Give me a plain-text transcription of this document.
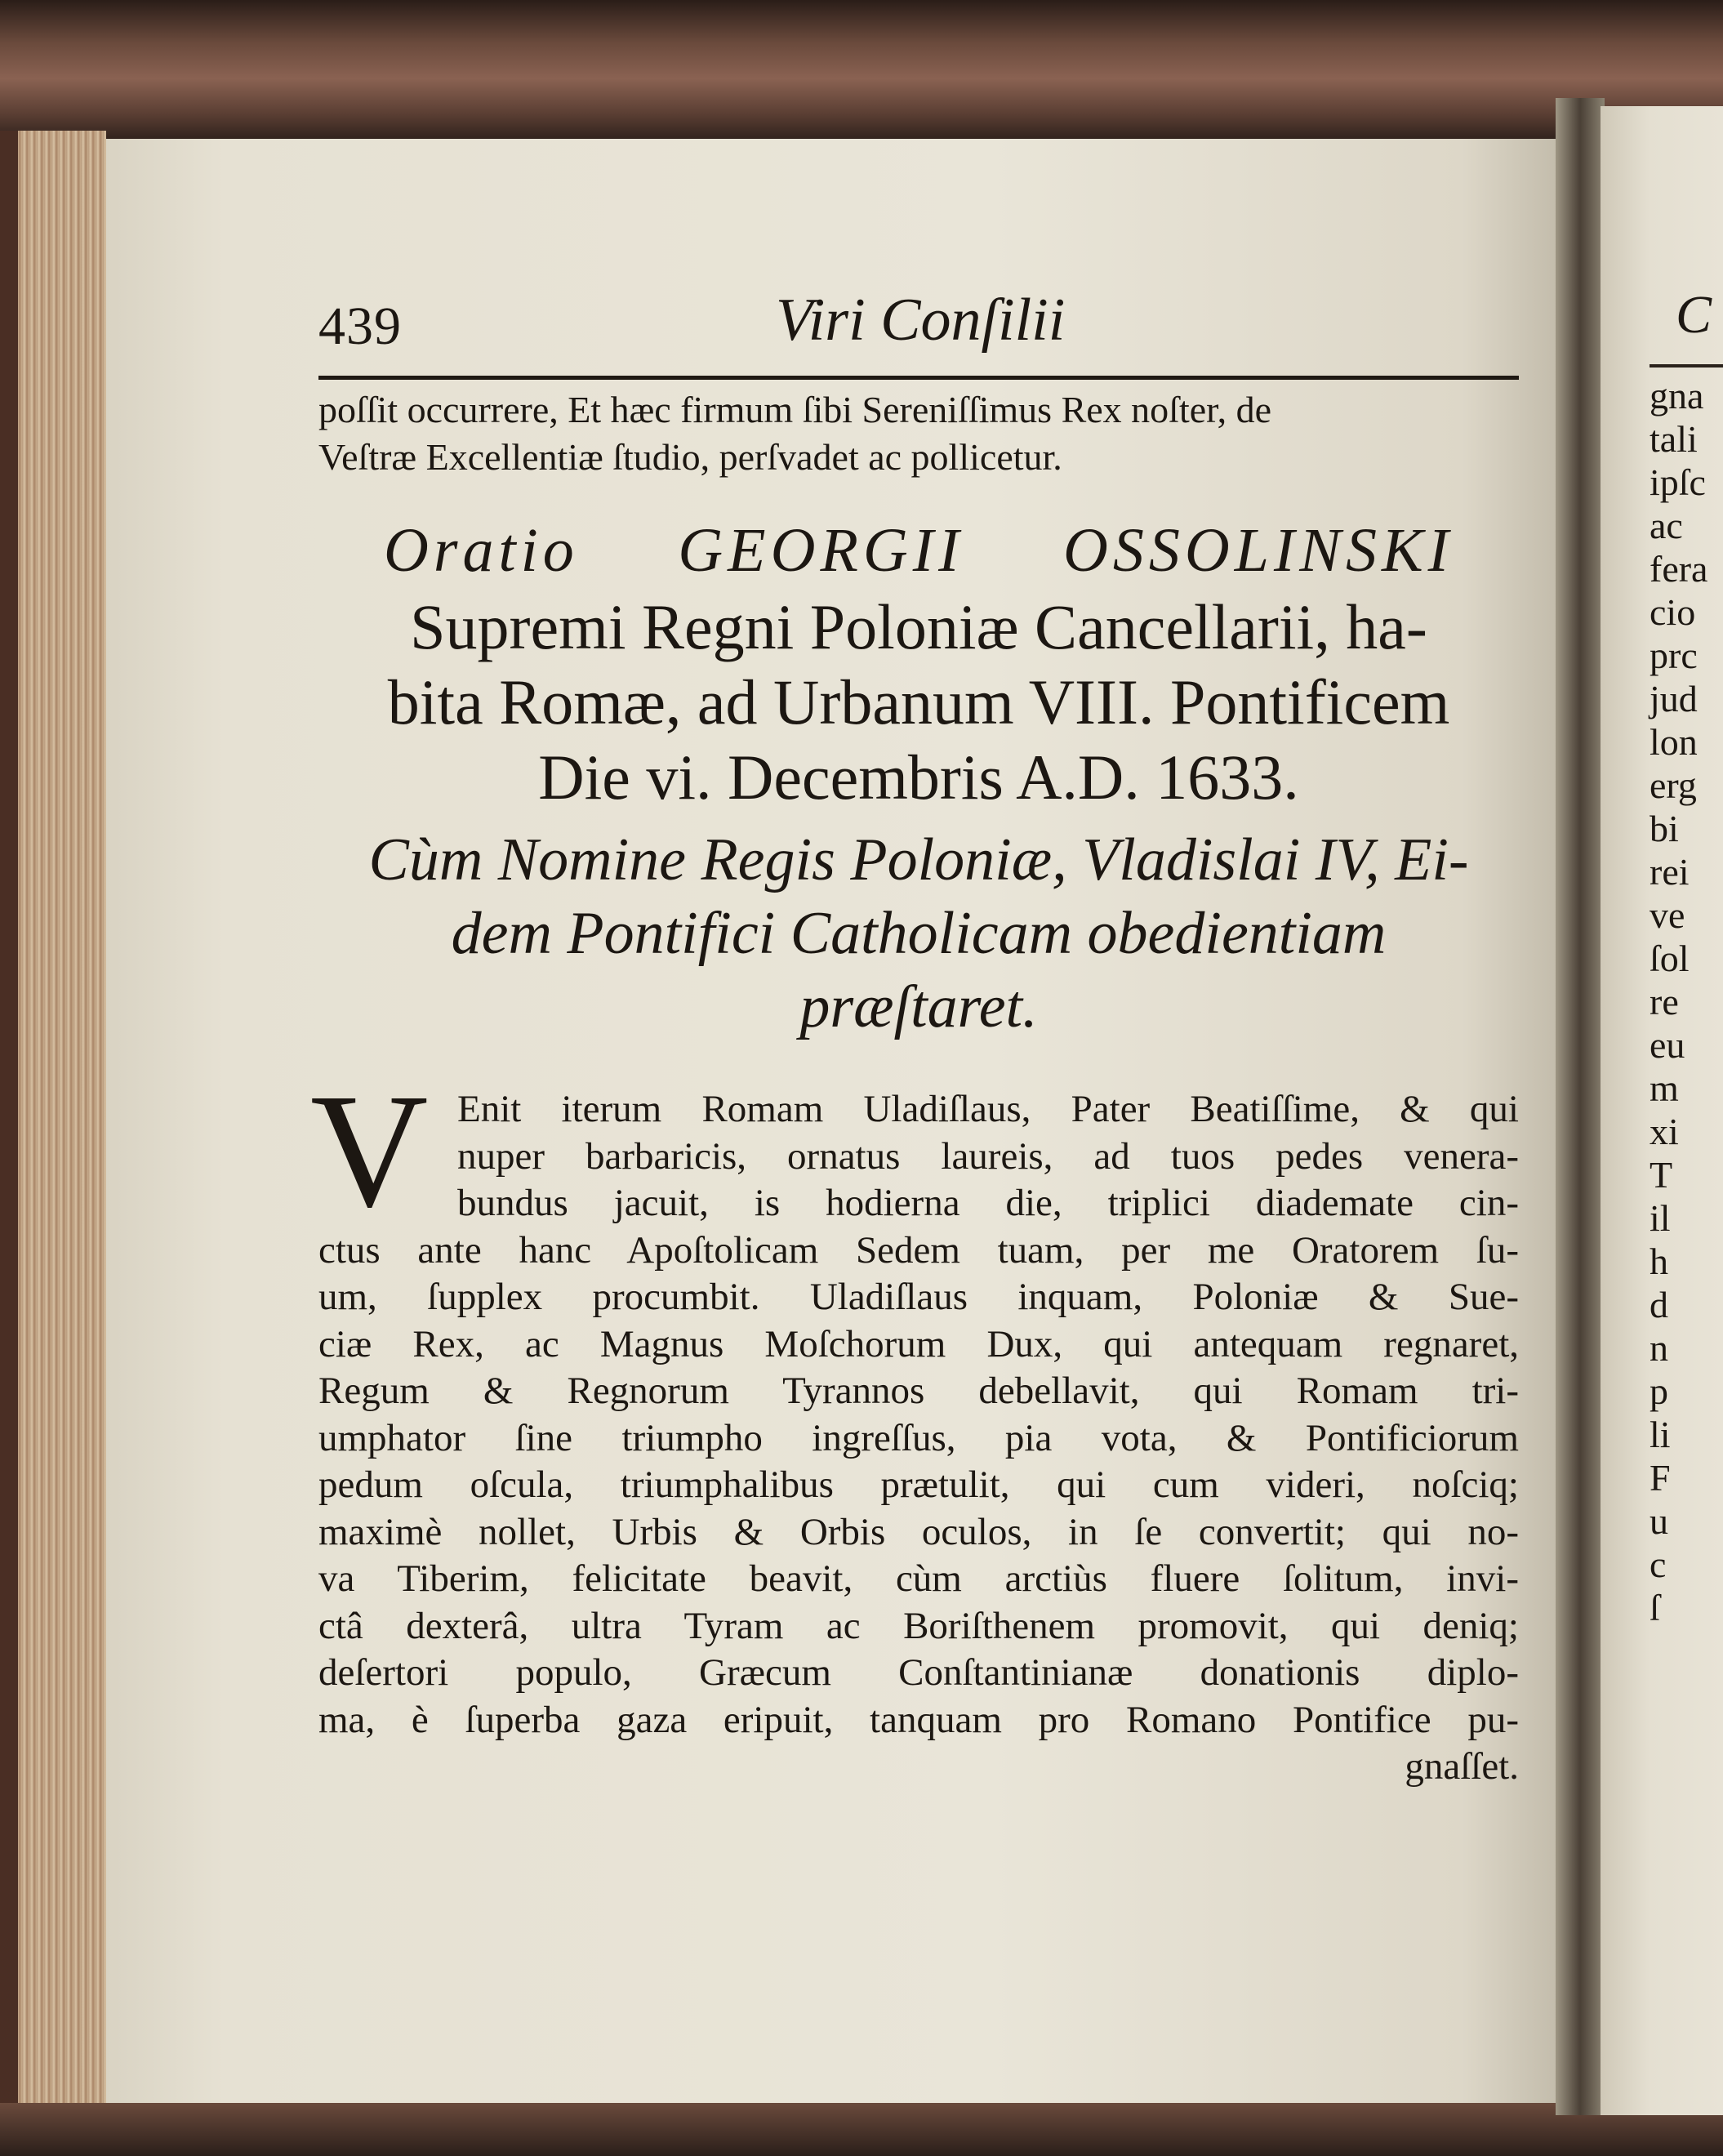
C
gna
tali
ipſc
ac
fera
cio
prc
jud
lon
erg
bi
rei
ve
ſol
re
eu
m
xi
T
il
h
d
n
p
li
F
u
c
ſ
439	Viri Conſilii

poſſit occurrere, Et hæc firmum ſibi Sereniſſimus Rex noſter, de
Veſtræ Excellentiæ ſtudio, perſvadet ac pollicetur.

Oratio GEORGII OSSOLINSKI

Supremi Regni Poloniæ Cancellarii, ha-
bita Romæ, ad Urbanum VIII. Pontificem
Die vi. Decembris A.D. 1633.

Cùm Nomine Regis Poloniæ, Vladislai IV, Ei-
dem Pontifici Catholicam obedientiam
præſtaret.

V Enit iterum Romam Uladiſlaus, Pater Beatiſſime, & qui
nuper barbaricis, ornatus laureis, ad tuos pedes venera-
bundus jacuit, is hodierna die, triplici diademate cin-
ctus ante hanc Apoſtolicam Sedem tuam, per me Oratorem ſu-
um, ſupplex procumbit. Uladiſlaus inquam, Poloniæ & Sue-
ciæ Rex, ac Magnus Moſchorum Dux, qui antequam regnaret,
Regum & Regnorum Tyrannos debellavit, qui Romam tri-
umphator ſine triumpho ingreſſus, pia vota, & Pontificiorum
pedum oſcula, triumphalibus prætulit, qui cum videri, noſciq;
maximè nollet, Urbis & Orbis oculos, in ſe convertit; qui no-
va Tiberim, felicitate beavit, cùm arctiùs fluere ſolitum, invi-
ctâ dexterâ, ultra Tyram ac Boriſthenem promovit, qui deniq;
deſertori populo, Græcum Conſtantinianæ donationis diplo-
ma, è ſuperba gaza eripuit, tanquam pro Romano Pontifice pu-
gnaſſet.
